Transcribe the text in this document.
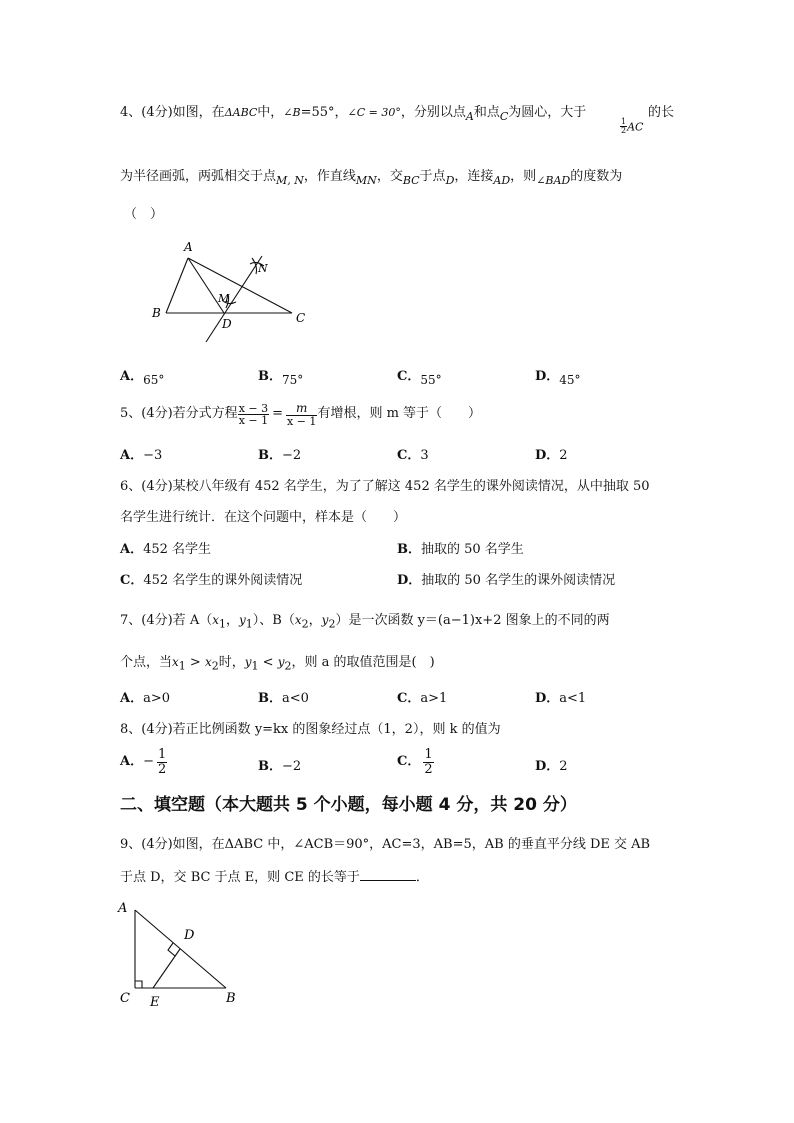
4、(4分)如图，在ΔABC中，∠B=55°，∠C = 30°，分别以点$_A$和点$_C$为圆心，大于
$\frac{1}{2}$ AC
的长
为半径画弧，两弧相交于点$_{M, N}$，作直线$_{MN}$，交$_{BC}$于点$_D$，连接$_{AD}$，则$_{\angle BAD}$的度数为
（　）
A
B	C
D
M
N
A．65°	B．75°	C．55°	D．45°
5、(4分)若分式方程 $\frac{x - 3}{x - 1} = \frac{m}{x - 1}$ 有增根，则 m 等于（　　）
A．−3	B．−2	C．3	D．2
6、(4分)某校八年级有 452 名学生，为了了解这 452 名学生的课外阅读情况，从中抽取 50
名学生进行统计．在这个问题中，样本是（　　）
A．452 名学生	B．抽取的 50 名学生
C．452 名学生的课外阅读情况	D．抽取的 50 名学生的课外阅读情况
7、(4分)若 $A(x_1$，$y_1$）、$B(x_2$，$y_2$）是一次函数 y＝(a−1)x+2 图象上的不同的两
个点，当$x_1 > x_2$时，$y_1 < y_2$，则 a 的取值范围是(　)
A．a>0	B．a<0	C．a>1	D．a<1
8、(4分)若正比例函数 y=kx 的图象经过点（1，2），则 k 的值为
A． − $\frac{1}{2}$	B．−2	C． $\frac{1}{2}$	D．2
二、填空题（本大题共 5 个小题，每小题 4 分，共 20 分）
9、(4分)如图，在ΔABC 中，∠ACB＝90°，AC=3，AB=5，AB 的垂直平分线 DE 交 AB
于点 D，交 BC 于点 E，则 CE 的长等于	．
A
D
C E	B
